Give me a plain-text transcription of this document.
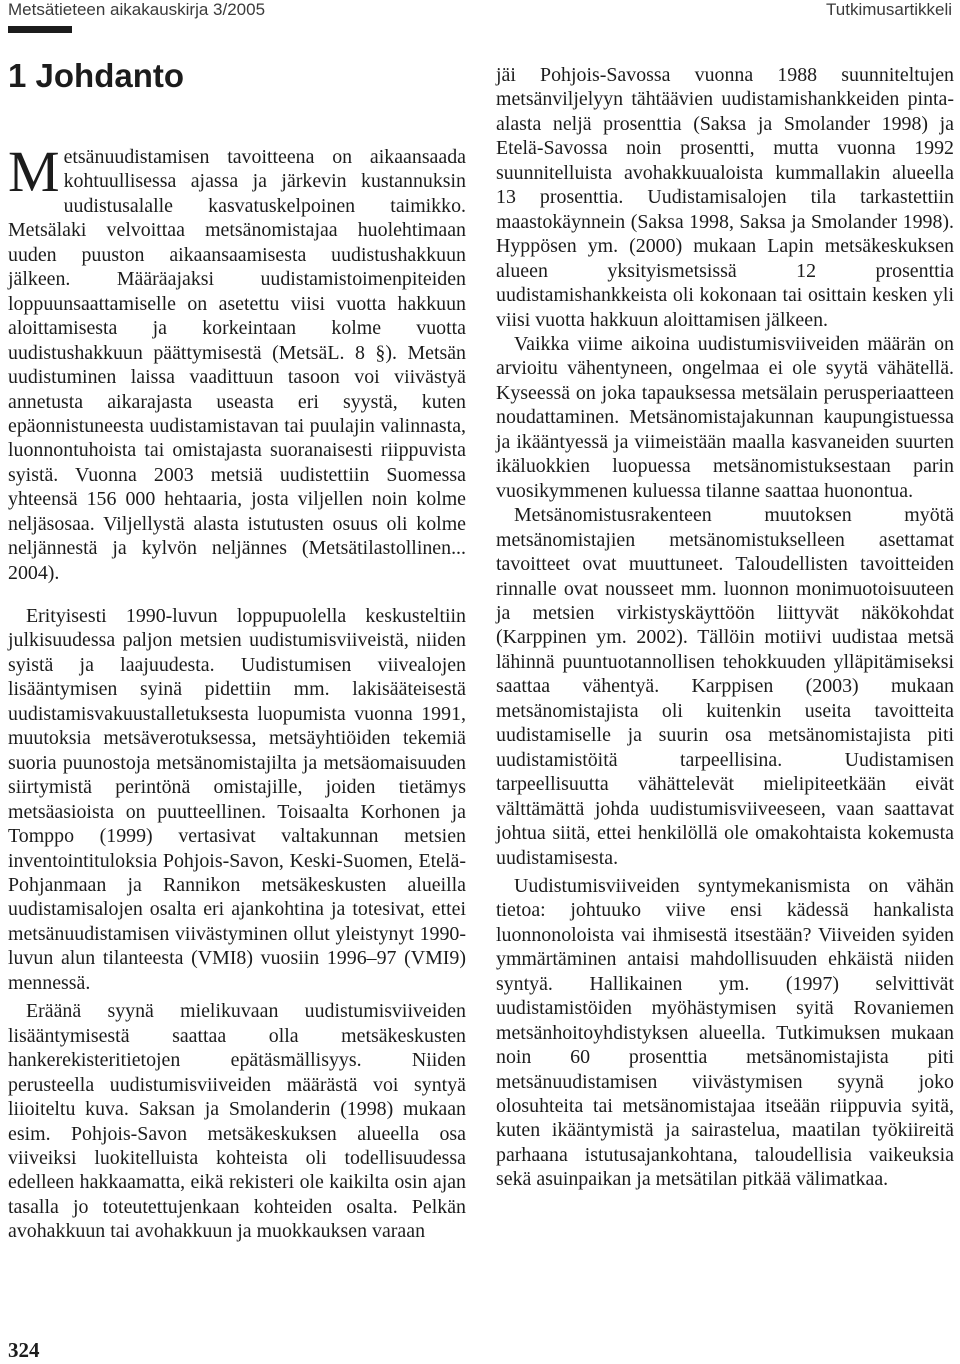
Metsätieteen aikakauskirja 3/2005	Tutkimusartikkeli
1 Johdanto

Metsänuudistamisen tavoitteena on aikaansaada kohtuullisessa ajassa ja järkevin kustannuksin uudistusalalle kasvatuskelpoinen taimikko. Metsälaki velvoittaa metsänomistajaa huolehtimaan uuden puuston aikaansaamisesta uudistushakkuun jälkeen. Määräajaksi uudistamistoimenpiteiden loppuunsaattamiselle on asetettu viisi vuotta hakkuun aloittamisesta ja korkeintaan kolme vuotta uudistushakkuun päättymisestä (MetsäL. 8 §). Metsän uudistuminen laissa vaadittuun tasoon voi viivästyä annetusta aikarajasta useasta eri syystä, kuten epäonnistuneesta uudistamistavan tai puulajin valinnasta, luonnontuhoista tai omistajasta suoranaisesti riippuvista syistä. Vuonna 2003 metsiä uudistettiin Suomessa yhteensä 156 000 hehtaaria, josta viljellen noin kolme neljäsosaa. Viljellystä alasta istutusten osuus oli kolme neljännestä ja kylvön neljännes (Metsätilastollinen... 2004).

Erityisesti 1990-luvun loppupuolella keskusteltiin julkisuudessa paljon metsien uudistumisviiveistä, niiden syistä ja laajuudesta. Uudistumisen viivealojen lisääntymisen syinä pidettiin mm. lakisääteisestä uudistamisvakuustalletuksesta luopumista vuonna 1991, muutoksia metsäverotuksessa, metsäyhtiöiden tekemiä suoria puunostoja metsänomistajilta ja metsäomaisuuden siirtymistä perintönä omistajille, joiden tietämys metsäasioista on puutteellinen. Toisaalta Korhonen ja Tomppo (1999) vertasivat valtakunnan metsien inventointituloksia Pohjois-Savon, Keski-Suomen, Etelä-Pohjanmaan ja Rannikon metsäkeskusten alueilla uudistamisalojen osalta eri ajankohtina ja totesivat, ettei metsänuudistamisen viivästyminen ollut yleistynyt 1990-luvun alun tilanteesta (VMI8) vuosiin 1996–97 (VMI9) mennessä.

Eräänä syynä mielikuvaan uudistumisviiveiden lisääntymisestä saattaa olla metsäkeskusten hankerekisteritietojen epätäsmällisyys. Niiden perusteella uudistumisviiveiden määrästä voi syntyä liioiteltu kuva. Saksan ja Smolanderin (1998) mukaan esim. Pohjois-Savon metsäkeskuksen alueella osa viiveiksi luokitelluista kohteista oli todellisuudessa edelleen hakkaamatta, eikä rekisteri ole kaikilta osin ajan tasalla jo toteutettujenkaan kohteiden osalta. Pelkän avohakkuun tai avohakkuun ja muokkauksen varaan

jäi Pohjois-Savossa vuonna 1988 suunniteltujen metsänviljelyyn tähtäävien uudistamishankkeiden pinta-alasta neljä prosenttia (Saksa ja Smolander 1998) ja Etelä-Savossa noin prosentti, mutta vuonna 1992 suunnitelluista avohakkuualoista kummallakin alueella 13 prosenttia. Uudistamisalojen tila tarkastettiin maastokäynnein (Saksa 1998, Saksa ja Smolander 1998). Hyppösen ym. (2000) mukaan Lapin metsäkeskuksen alueen yksityismetsissä 12 prosenttia uudistamishankkeista oli kokonaan tai osittain kesken yli viisi vuotta hakkuun aloittamisen jälkeen.

Vaikka viime aikoina uudistumisviiveiden määrän on arvioitu vähentyneen, ongelmaa ei ole syytä vähätellä. Kyseessä on joka tapauksessa metsälain perusperiaatteen noudattaminen. Metsänomistajakunnan kaupungistuessa ja ikääntyessä ja viimeistään maalla kasvaneiden suurten ikäluokkien luopuessa metsänomistuksestaan parin vuosikymmenen kuluessa tilanne saattaa huonontua.

Metsänomistusrakenteen muutoksen myötä metsänomistajien metsänomistukselleen asettamat tavoitteet ovat muuttuneet. Taloudellisten tavoitteiden rinnalle ovat nousseet mm. luonnon monimuotoisuuteen ja metsien virkistyskäyttöön liittyvät näkökohdat (Karppinen ym. 2002). Tällöin motiivi uudistaa metsä lähinnä puuntuotannollisen tehokkuuden ylläpitämiseksi saattaa vähentyä. Karppisen (2003) mukaan metsänomistajista oli kuitenkin useita tavoitteita uudistamiselle ja suurin osa metsänomistajista piti uudistamistöitä tarpeellisina. Uudistamisen tarpeellisuutta vähättelevät mielipiteetkään eivät välttämättä johda uudistumisviiveeseen, vaan saattavat johtua siitä, ettei henkilöllä ole omakohtaista kokemusta uudistamisesta.

Uudistumisviiveiden syntymekanismista on vähän tietoa: johtuuko viive ensi kädessä hankalista luonnonoloista vai ihmisestä itsestään? Viiveiden syiden ymmärtäminen antaisi mahdollisuuden ehkäistä niiden syntyä. Hallikainen ym. (1997) selvittivät uudistamistöiden myöhästymisen syitä Rovaniemen metsänhoitoyhdistyksen alueella. Tutkimuksen mukaan noin 60 prosenttia metsänomistajista piti metsänuudistamisen viivästymisen syynä joko olosuhteita tai metsänomistajaa itseään riippuvia syitä, kuten ikääntymistä ja sairastelua, maatilan työkiireitä parhaana istutusajankohtana, taloudellisia vaikeuksia sekä asuinpaikan ja metsätilan pitkää välimatkaa.

324
